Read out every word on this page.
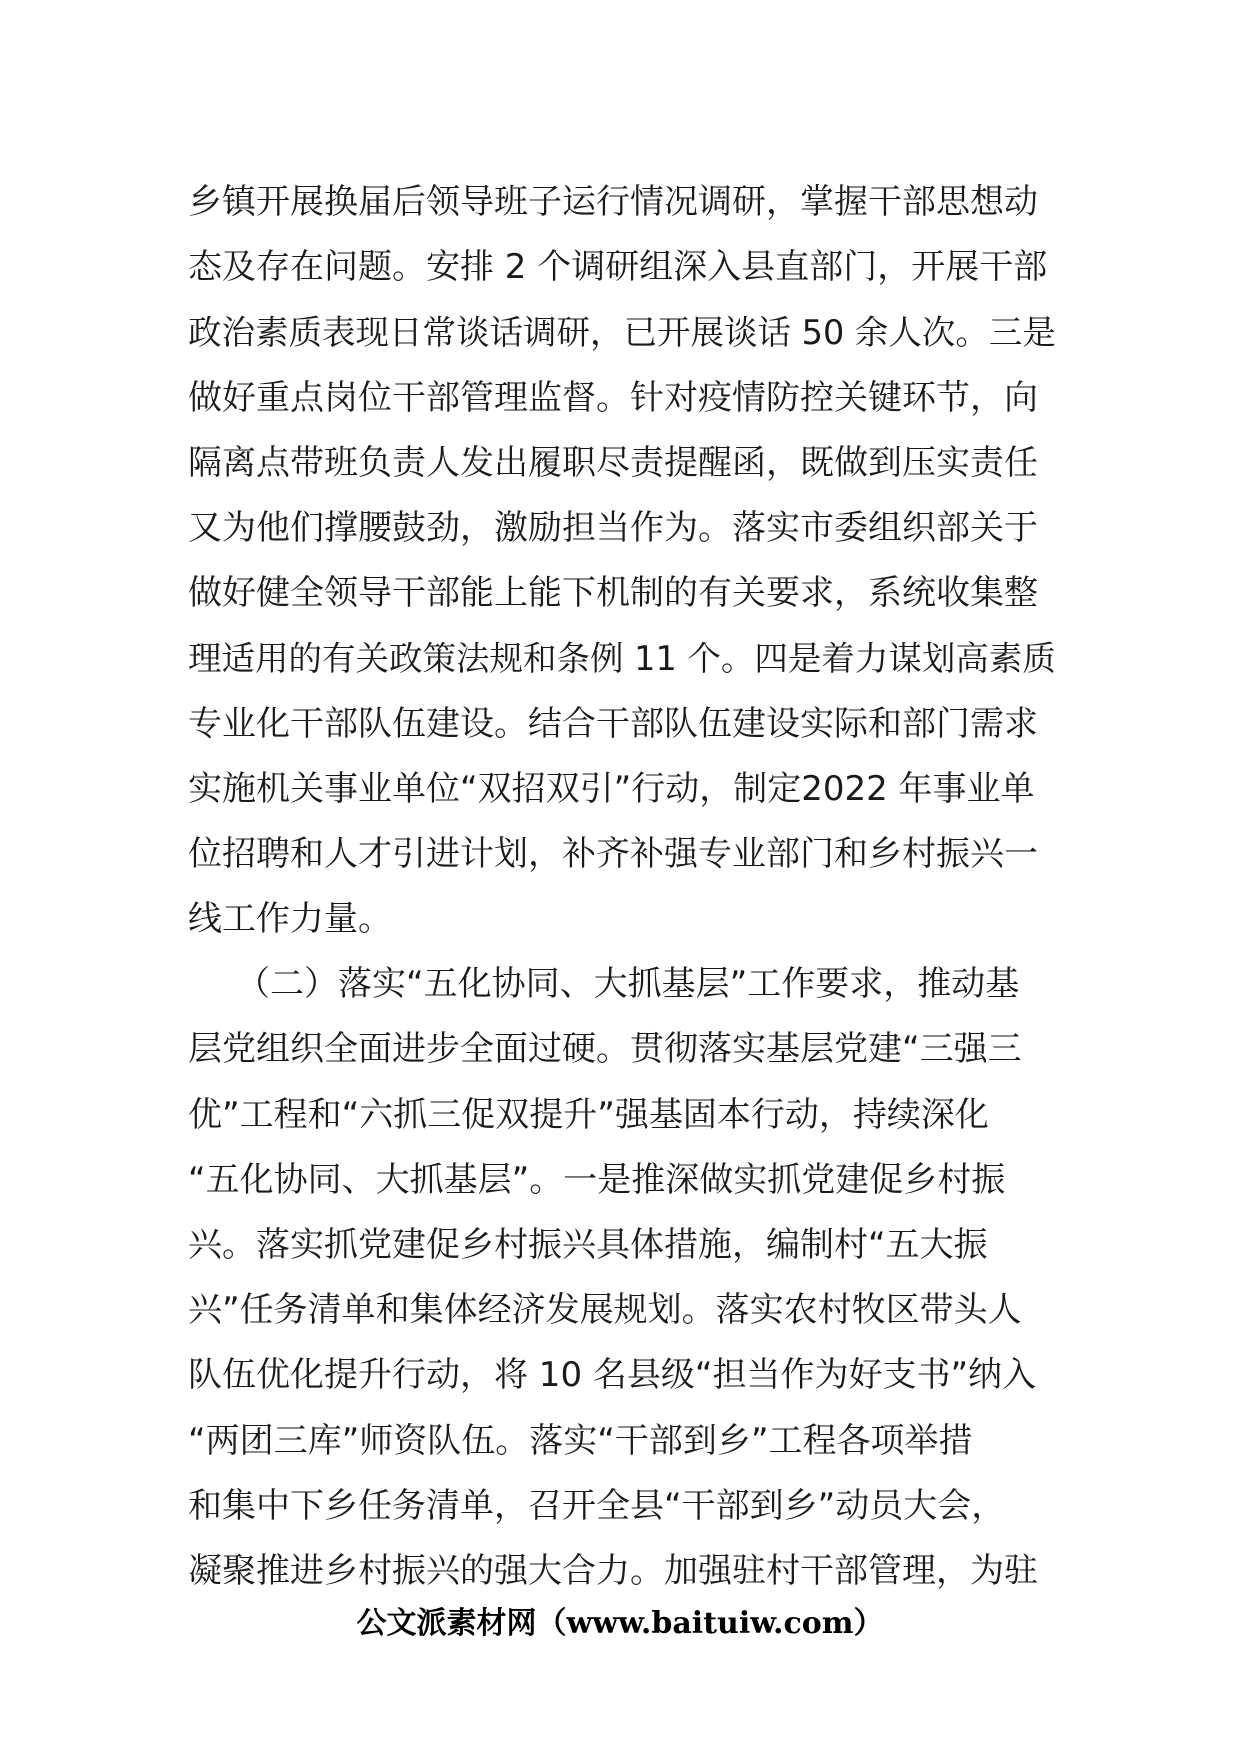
乡镇开展换届后领导班子运行情况调研，掌握干部思想动
态及存在问题。安排 2 个调研组深入县直部门，开展干部
政治素质表现日常谈话调研，已开展谈话 50 余人次。三是
做好重点岗位干部管理监督。针对疫情防控关键环节，向
隔离点带班负责人发出履职尽责提醒函，既做到压实责任
又为他们撑腰鼓劲，激励担当作为。落实市委组织部关于
做好健全领导干部能上能下机制的有关要求，系统收集整
理适用的有关政策法规和条例 11 个。四是着力谋划高素质
专业化干部队伍建设。结合干部队伍建设实际和部门需求
实施机关事业单位“双招双引”行动，制定2022 年事业单
位招聘和人才引进计划，补齐补强专业部门和乡村振兴一
线工作力量。
（二）落实“五化协同、大抓基层”工作要求，推动基
层党组织全面进步全面过硬。贯彻落实基层党建“三强三
优”工程和“六抓三促双提升”强基固本行动，持续深化
“五化协同、大抓基层”。一是推深做实抓党建促乡村振
兴。落实抓党建促乡村振兴具体措施，编制村“五大振
兴”任务清单和集体经济发展规划。落实农村牧区带头人
队伍优化提升行动，将 10 名县级“担当作为好支书”纳入
“两团三库”师资队伍。落实“干部到乡”工程各项举措
和集中下乡任务清单，召开全县“干部到乡”动员大会，
凝聚推进乡村振兴的强大合力。加强驻村干部管理，为驻
公文派素材网（www.baituiw.com）
